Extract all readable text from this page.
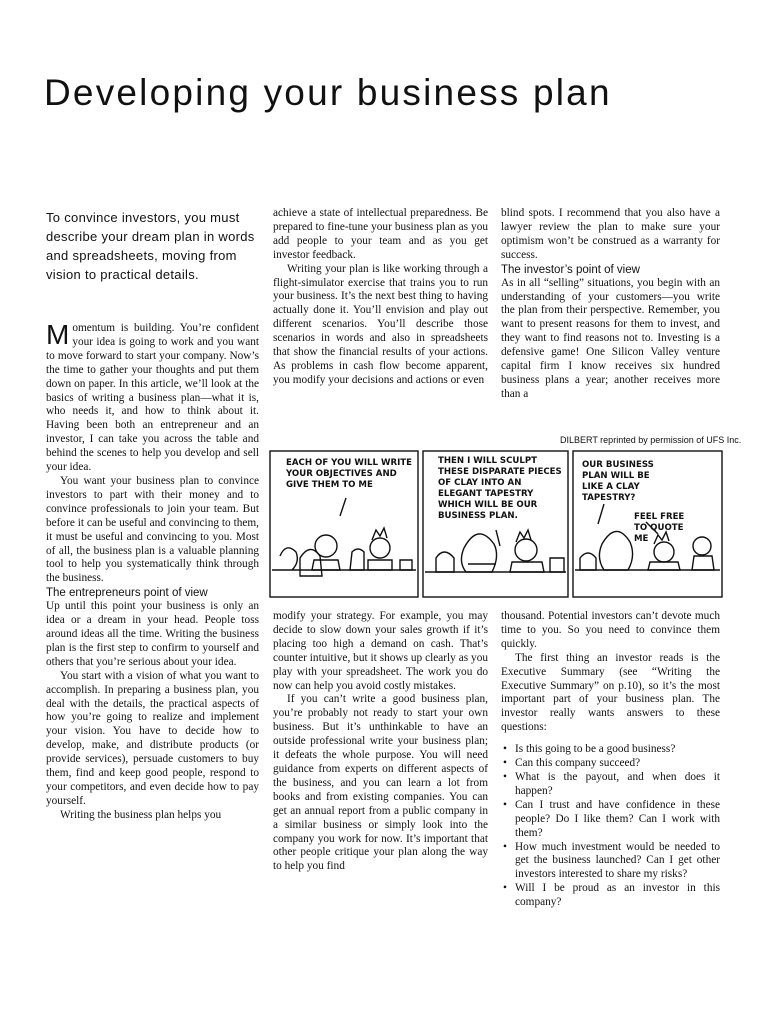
Developing your business plan

To convince investors, you must describe your dream plan in words and spreadsheets, moving from vision to practical details.

Momentum is building. You’re confident your idea is going to work and you want to move forward to start your company. Now’s the time to gather your thoughts and put them down on paper. In this article, we’ll look at the basics of writing a business plan—what it is, who needs it, and how to think about it. Having been both an entrepreneur and an investor, I can take you across the table and behind the scenes to help you develop and sell your idea.

You want your business plan to convince investors to part with their money and to convince professionals to join your team. But before it can be useful and convincing to them, it must be useful and convincing to you. Most of all, the business plan is a valuable planning tool to help you systematically think through the business.

The entrepreneurs point of view

Up until this point your business is only an idea or a dream in your head. People toss around ideas all the time. Writing the business plan is the first step to confirm to yourself and others that you’re serious about your idea.

You start with a vision of what you want to accomplish. In preparing a business plan, you deal with the details, the practical aspects of how you’re going to realize and implement your vision. You have to decide how to develop, make, and distribute products (or provide services), persuade customers to buy them, find and keep good people, respond to your competitors, and even decide how to pay yourself.

Writing the business plan helps you

achieve a state of intellectual preparedness. Be prepared to fine-tune your business plan as you add people to your team and as you get investor feedback.

Writing your plan is like working through a flight-simulator exercise that trains you to run your business. It’s the next best thing to having actually done it. You’ll envision and play out different scenarios. You’ll describe those scenarios in words and also in spreadsheets that show the financial results of your actions. As problems in cash flow become apparent, you modify your decisions and actions or even

blind spots. I recommend that you also have a lawyer review the plan to make sure your optimism won’t be construed as a warranty for success.

The investor’s point of view

As in all “selling” situations, you begin with an understanding of your customers—you write the plan from their perspective. Remember, you want to present reasons for them to invest, and they want to find reasons not to. Investing is a defensive game! One Silicon Valley venture capital firm I know receives six hundred business plans a year; another receives more than a

DILBERT reprinted by permission of UFS Inc.
EACH OF YOU WILL WRITE YOUR OBJECTIVES AND GIVE THEM TO ME
THEN I WILL SCULPT THESE DISPARATE PIECES OF CLAY INTO AN ELEGANT TAPESTRY WHICH WILL BE OUR BUSINESS PLAN.
OUR BUSINESS PLAN WILL BE LIKE A CLAY TAPESTRY?
FEEL FREE TO QUOTE ME

modify your strategy. For example, you may decide to slow down your sales growth if it’s placing too high a demand on cash. That’s counter intuitive, but it shows up clearly as you play with your spreadsheet. The work you do now can help you avoid costly mistakes.

If you can’t write a good business plan, you’re probably not ready to start your own business. But it’s unthinkable to have an outside professional write your business plan; it defeats the whole purpose. You will need guidance from experts on different aspects of the business, and you can learn a lot from books and from existing companies. You can get an annual report from a public company in a similar business or simply look into the company you work for now. It’s important that other people critique your plan along the way to help you find

thousand. Potential investors can’t devote much time to you. So you need to convince them quickly.

The first thing an investor reads is the Executive Summary (see “Writing the Executive Summary” on p.10), so it’s the most important part of your business plan. The investor really wants answers to these questions:

• Is this going to be a good business?
• Can this company succeed?
• What is the payout, and when does it happen?
• Can I trust and have confidence in these people? Do I like them? Can I work with them?
• How much investment would be needed to get the business launched? Can I get other investors interested to share my risks?
• Will I be proud as an investor in this company?
